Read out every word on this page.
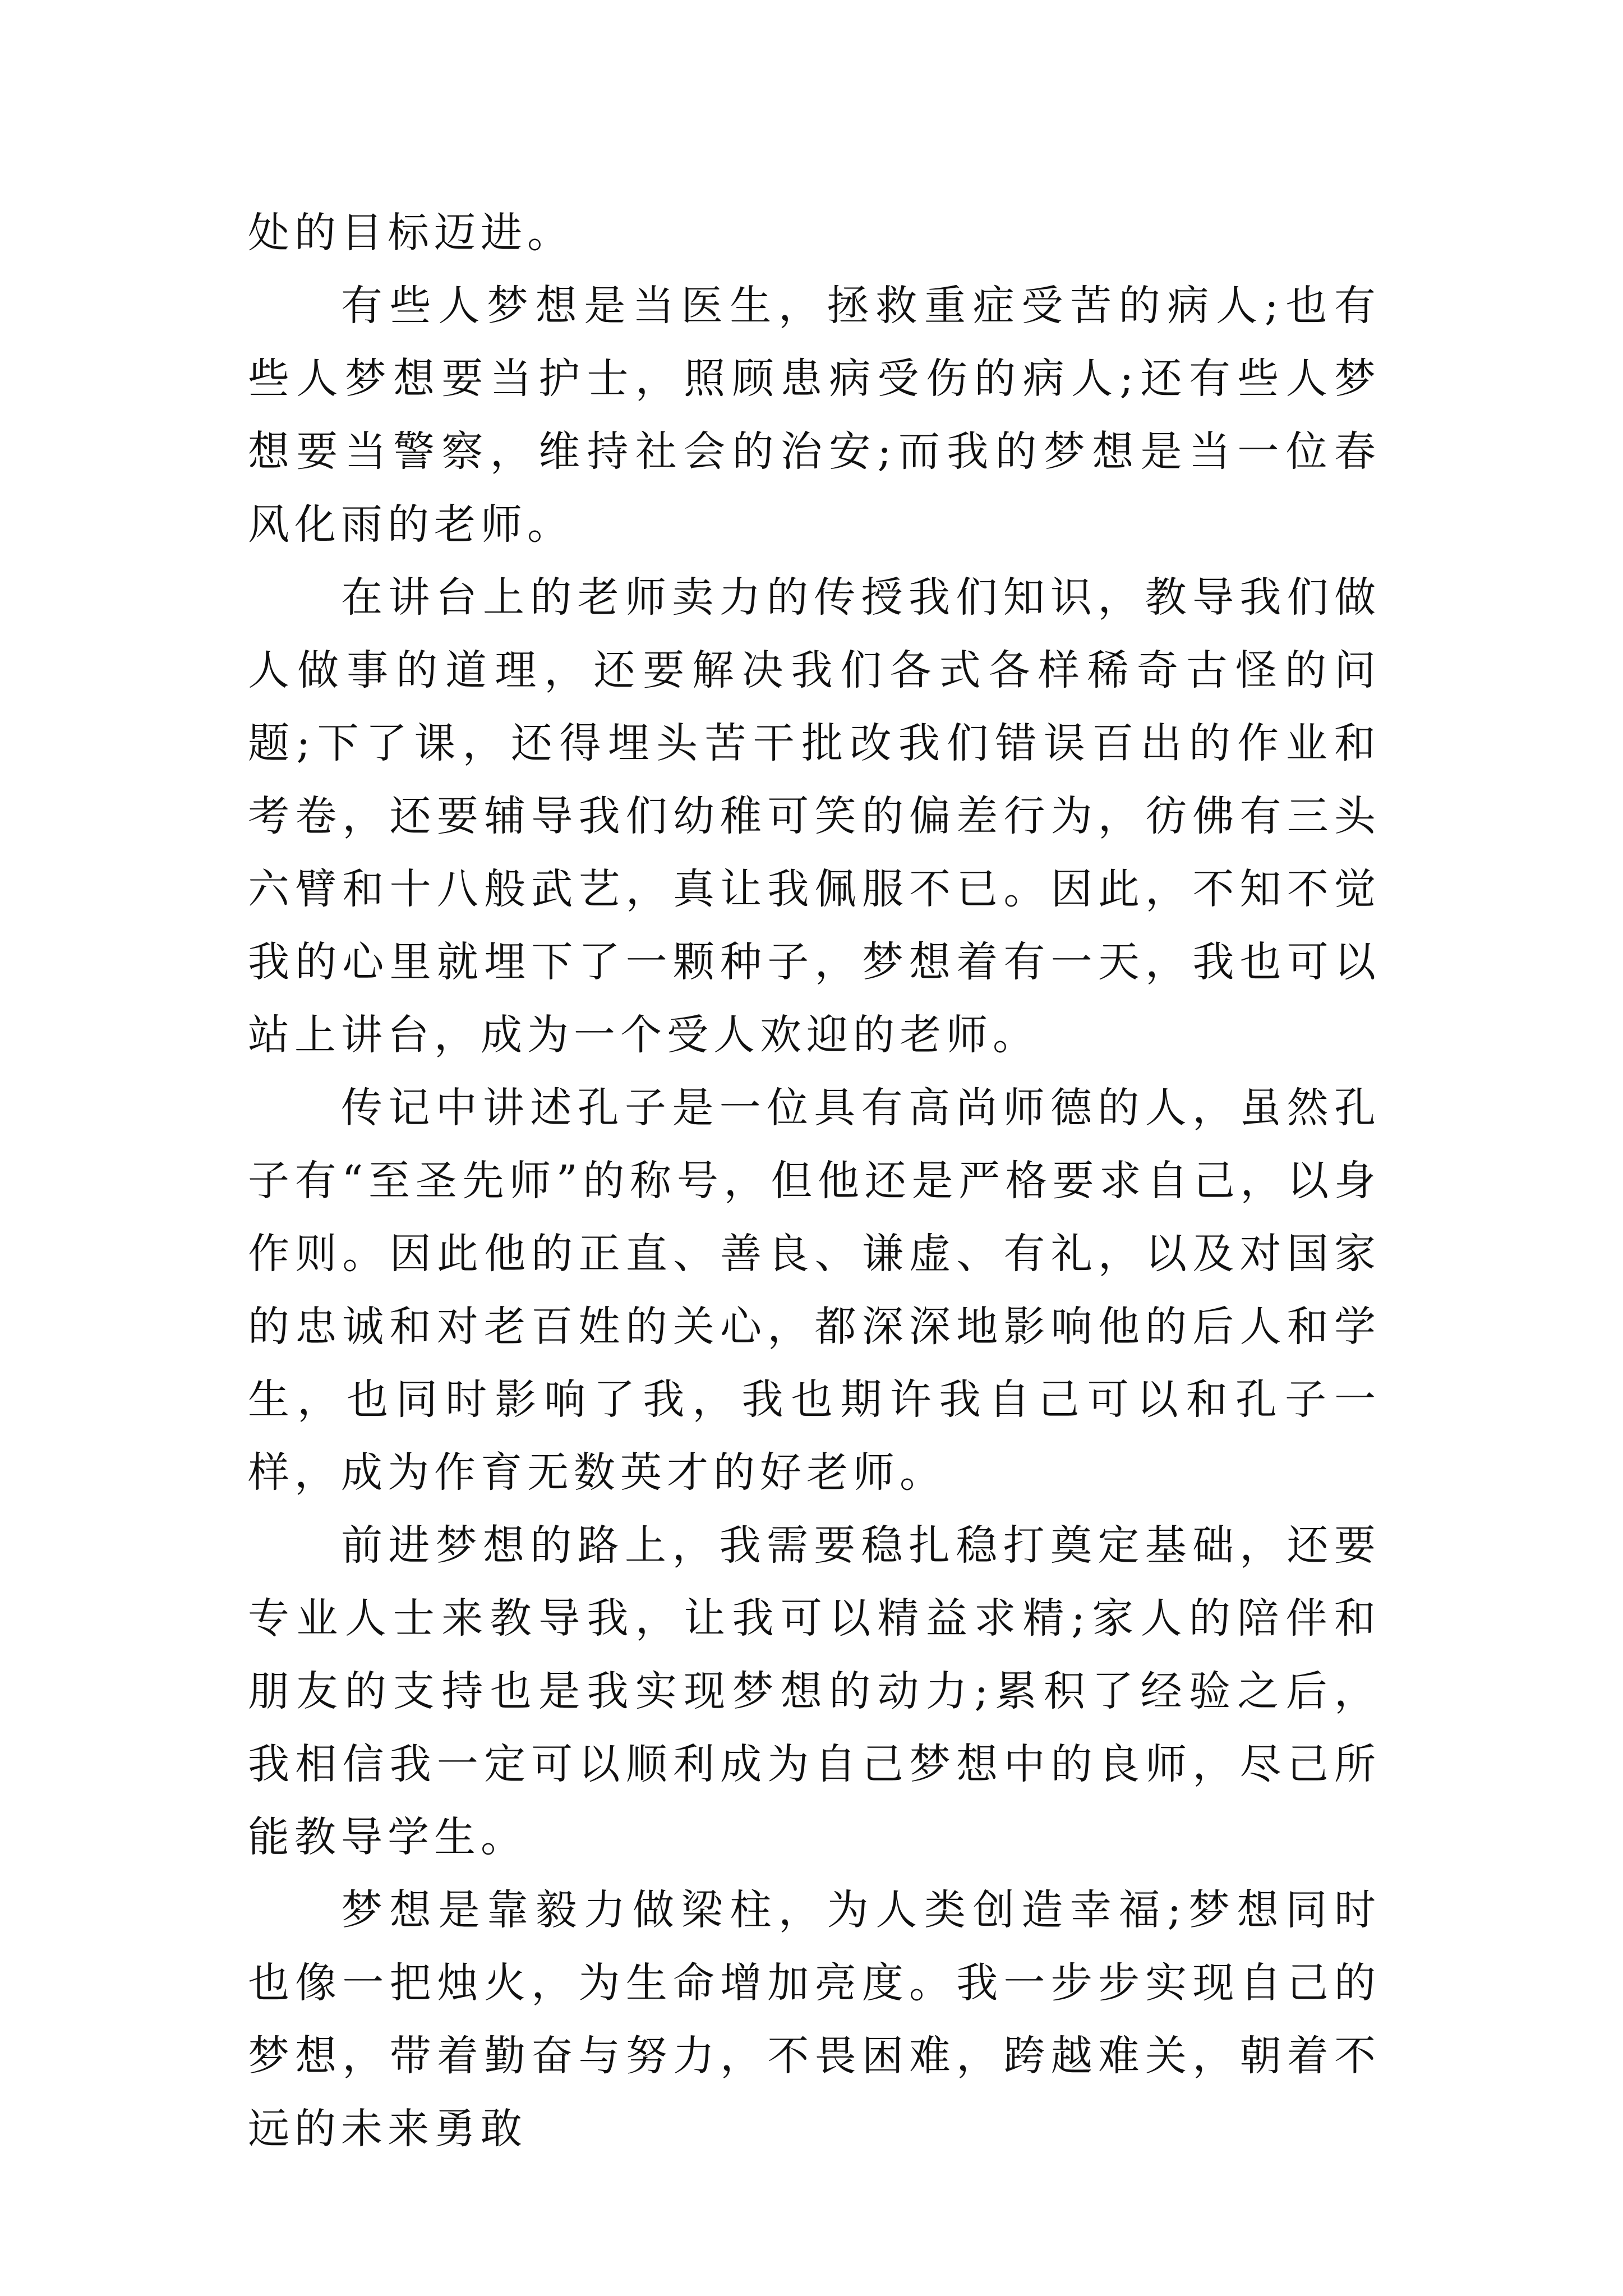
处的目标迈进。

有些人梦想是当医生，拯救重症受苦的病人;也有些人梦想要当护士，照顾患病受伤的病人;还有些人梦想要当警察，维持社会的治安;而我的梦想是当一位春风化雨的老师。

在讲台上的老师卖力的传授我们知识，教导我们做人做事的道理，还要解决我们各式各样稀奇古怪的问题;下了课，还得埋头苦干批改我们错误百出的作业和考卷，还要辅导我们幼稚可笑的偏差行为，彷佛有三头六臂和十八般武艺，真让我佩服不已。因此，不知不觉我的心里就埋下了一颗种子，梦想着有一天，我也可以站上讲台，成为一个受人欢迎的老师。

传记中讲述孔子是一位具有高尚师德的人，虽然孔子有“至圣先师”的称号，但他还是严格要求自己，以身作则。因此他的正直、善良、谦虚、有礼，以及对国家的忠诚和对老百姓的关心，都深深地影响他的后人和学生，也同时影响了我，我也期许我自己可以和孔子一样，成为作育无数英才的好老师。

前进梦想的路上，我需要稳扎稳打奠定基础，还要专业人士来教导我，让我可以精益求精;家人的陪伴和朋友的支持也是我实现梦想的动力;累积了经验之后，我相信我一定可以顺利成为自己梦想中的良师，尽己所能教导学生。

梦想是靠毅力做梁柱，为人类创造幸福;梦想同时也像一把烛火，为生命增加亮度。我一步步实现自己的梦想，带着勤奋与努力，不畏困难，跨越难关，朝着不远的未来勇敢
